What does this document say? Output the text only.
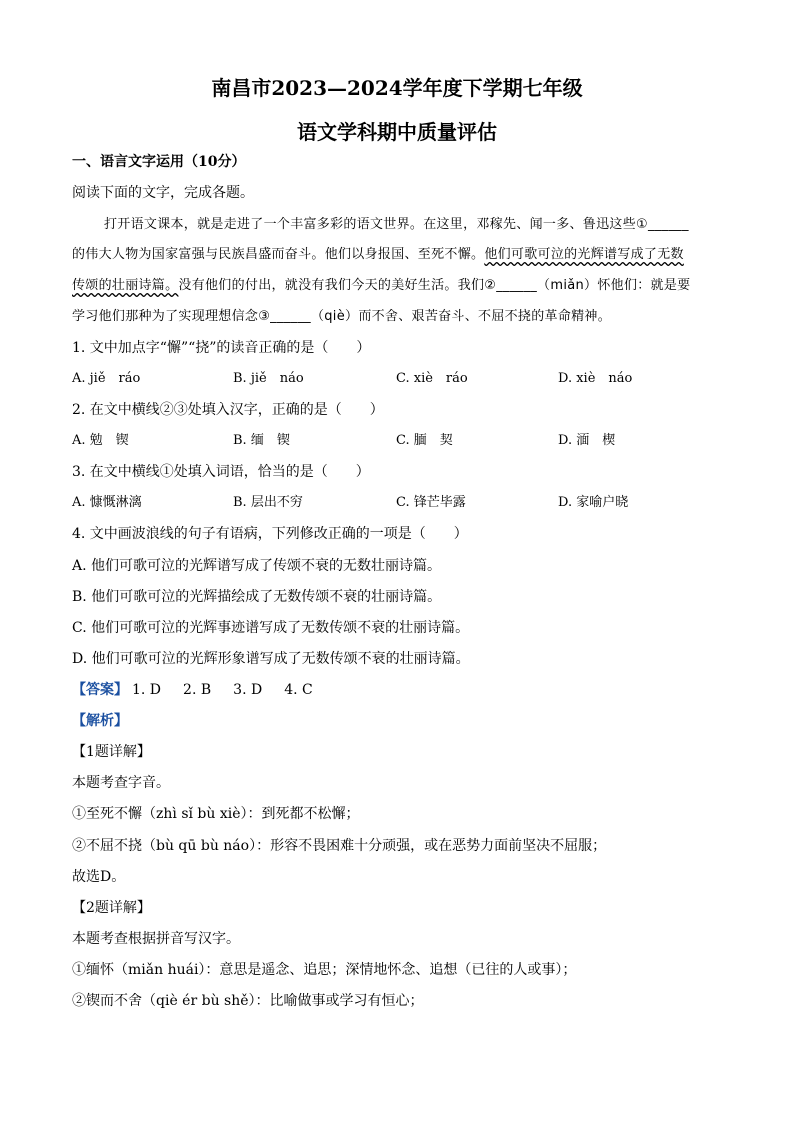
南昌市2023—2024学年度下学期七年级
语文学科期中质量评估
一、语言文字运用（10分）
阅读下面的文字，完成各题。
打开语文课本，就是走进了一个丰富多彩的语文世界。在这里，邓稼先、闻一多、鲁迅这些①______
的伟大人物为国家富强与民族昌盛而奋斗。他们以身报国、至死不懈。他们可歌可泣的光辉谱写成了无数
传颂的壮丽诗篇。没有他们的付出，就没有我们今天的美好生活。我们②______（miǎn）怀他们：就是要
学习他们那种为了实现理想信念③______（qiè）而不舍、艰苦奋斗、不屈不挠的革命精神。
1. 文中加点字“懈”“挠”的读音正确的是（　　）
A. jiě　ráo	B. jiě　náo	C. xiè　ráo	D. xiè　náo
2. 在文中横线②③处填入汉字，正确的是（　　）
A. 勉　锲	B. 缅　锲	C. 腼　契	D. 湎　楔
3. 在文中横线①处填入词语，恰当的是（　　）
A. 慷慨淋漓	B. 层出不穷	C. 锋芒毕露	D. 家喻户晓
4. 文中画波浪线的句子有语病，下列修改正确的一项是（　　）
A. 他们可歌可泣的光辉谱写成了传颂不衰的无数壮丽诗篇。
B. 他们可歌可泣的光辉描绘成了无数传颂不衰的壮丽诗篇。
C. 他们可歌可泣的光辉事迹谱写成了无数传颂不衰的壮丽诗篇。
D. 他们可歌可泣的光辉形象谱写成了无数传颂不衰的壮丽诗篇。
【答案】 1. D 2. B 3. D 4. C
【解析】
【1题详解】
本题考查字音。
①至死不懈（zhì sǐ bù xiè）：到死都不松懈；
②不屈不挠（bù qū bù náo）：形容不畏困难十分顽强，或在恶势力面前坚决不屈服；
故选D。
【2题详解】
本题考查根据拼音写汉字。
①缅怀（miǎn huái）：意思是遥念、追思；深情地怀念、追想（已往的人或事）；
②锲而不舍（qiè ér bù shě）：比喻做事或学习有恒心；
